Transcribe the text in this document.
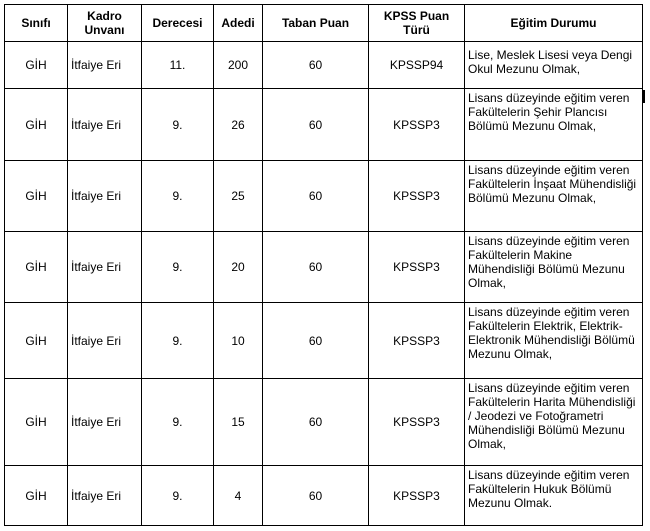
Sınıfı	Kadro Unvanı	Derecesi	Adedi	Taban Puan	KPSS Puan Türü	Eğitim Durumu
GİH	İtfaiye Eri	11.	200	60	KPSSP94	Lise, Meslek Lisesi veya Dengi Okul Mezunu Olmak,
GİH	İtfaiye Eri	9.	26	60	KPSSP3	Lisans düzeyinde eğitim veren Fakültelerin Şehir Plancısı Bölümü Mezunu Olmak,
GİH	İtfaiye Eri	9.	25	60	KPSSP3	Lisans düzeyinde eğitim veren Fakültelerin İnşaat Mühendisliği Bölümü Mezunu Olmak,
GİH	İtfaiye Eri	9.	20	60	KPSSP3	Lisans düzeyinde eğitim veren Fakültelerin Makine Mühendisliği Bölümü Mezunu Olmak,
GİH	İtfaiye Eri	9.	10	60	KPSSP3	Lisans düzeyinde eğitim veren Fakültelerin Elektrik, Elektrik-Elektronik Mühendisliği Bölümü Mezunu Olmak,
GİH	İtfaiye Eri	9.	15	60	KPSSP3	Lisans düzeyinde eğitim veren Fakültelerin Harita Mühendisliği / Jeodezi ve Fotoğrametri Mühendisliği Bölümü Mezunu Olmak,
GİH	İtfaiye Eri	9.	4	60	KPSSP3	Lisans düzeyinde eğitim veren Fakültelerin Hukuk Bölümü Mezunu Olmak.
